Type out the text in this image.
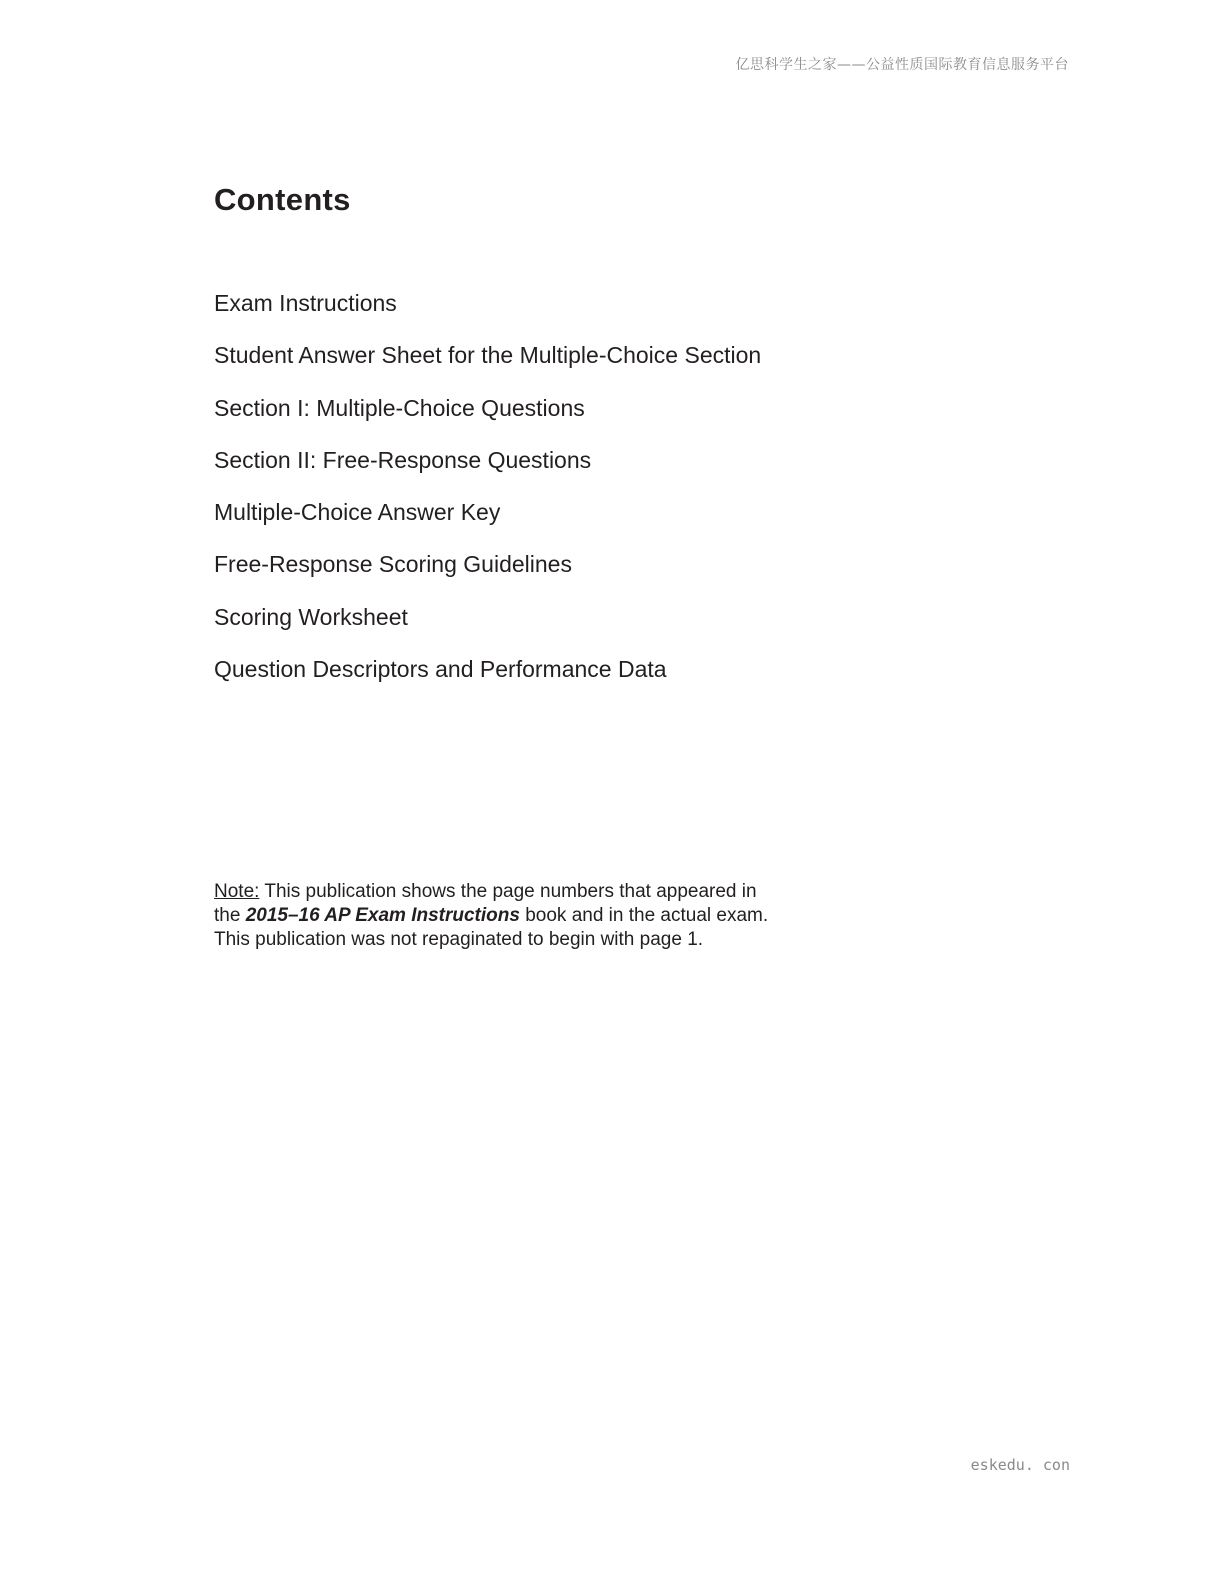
亿思科学生之家——公益性质国际教育信息服务平台
Contents
Exam Instructions
Student Answer Sheet for the Multiple-Choice Section
Section I: Multiple-Choice Questions
Section II: Free-Response Questions
Multiple-Choice Answer Key
Free-Response Scoring Guidelines
Scoring Worksheet
Question Descriptors and Performance Data

Note: This publication shows the page numbers that appeared in

the 2015–16 AP Exam Instructions book and in the actual exam.

This publication was not repaginated to begin with page 1.

eskedu. con
